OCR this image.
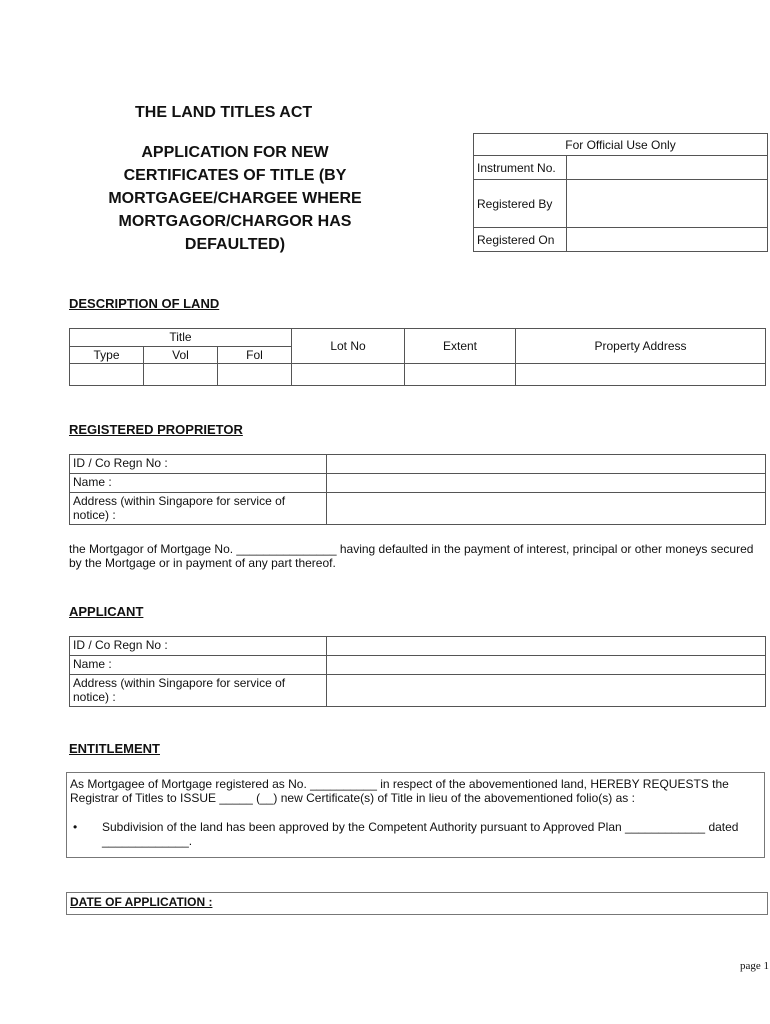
THE LAND TITLES ACT
APPLICATION FOR NEW
CERTIFICATES OF TITLE (BY
MORTGAGEE/CHARGEE WHERE
MORTGAGOR/CHARGOR HAS
DEFAULTED)
For Official Use Only	
Instrument No.	
Registered By	
Registered On	
DESCRIPTION OF LAND
Title			Lot No	Extent	Property Address
Type	Vol	Fol			

REGISTERED PROPRIETOR
ID / Co Regn No :	
Name :	
Address (within Singapore for service of notice) :	
the Mortgagor of Mortgage No. _______________ having defaulted in the payment of interest, principal or other moneys secured by the Mortgage or in payment of any part thereof.
APPLICANT
ID / Co Regn No :	
Name :	
Address (within Singapore for service of notice) :	
ENTITLEMENT
As Mortgagee of Mortgage registered as No. __________ in respect of the abovementioned land, HEREBY REQUESTS the Registrar of Titles to ISSUE _____ (__) new Certificate(s) of Title in lieu of the abovementioned folio(s) as :
• Subdivision of the land has been approved by the Competent Authority pursuant to Approved Plan ____________ dated _____________.
DATE OF APPLICATION :
page 1
